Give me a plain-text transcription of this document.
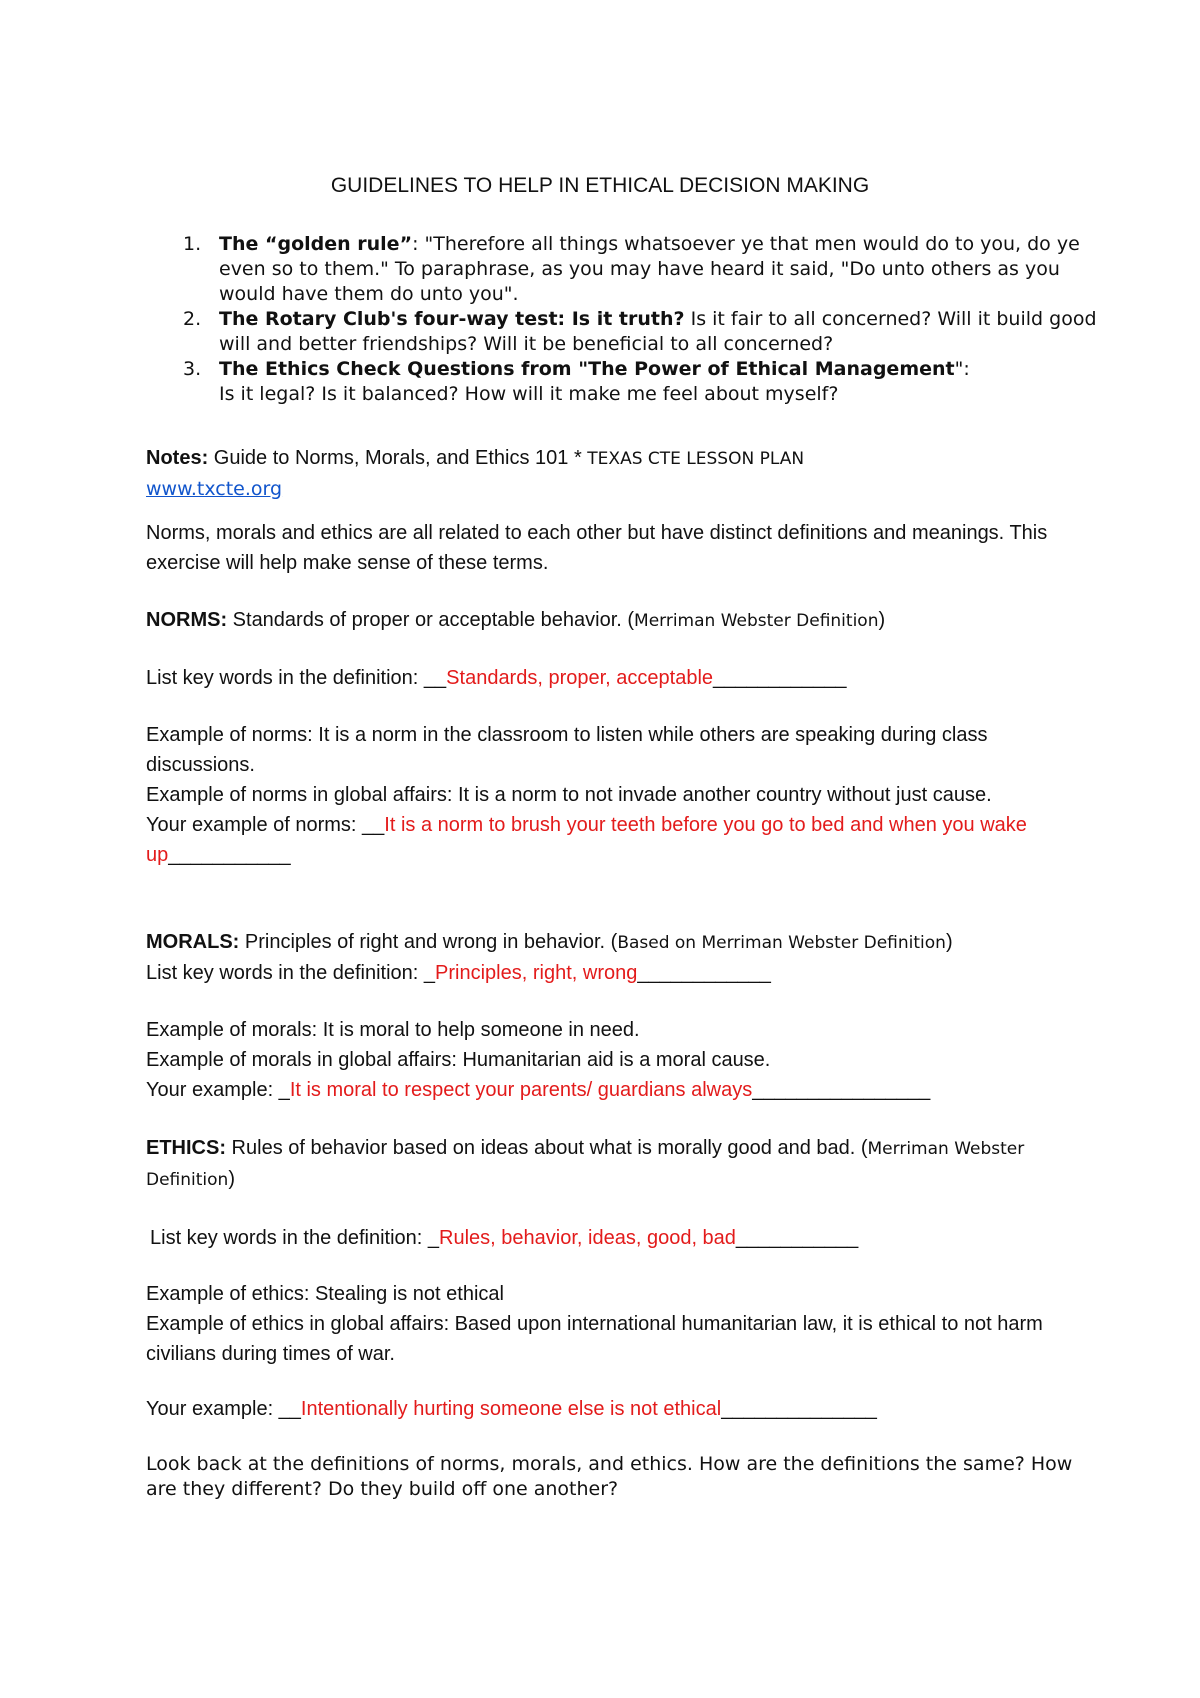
GUIDELINES TO HELP IN ETHICAL DECISION MAKING
1. The “golden rule”: "Therefore all things whatsoever ye that men would do to you, do ye even so to them." To paraphrase, as you may have heard it said, "Do unto others as you would have them do unto you".
2. The Rotary Club's four-way test: Is it truth? Is it fair to all concerned? Will it build good will and better friendships? Will it be beneficial to all concerned?
3. The Ethics Check Questions from "The Power of Ethical Management":
Is it legal? Is it balanced? How will it make me feel about myself?

Notes: Guide to Norms, Morals, and Ethics 101 * TEXAS CTE LESSON PLAN
www.txcte.org

Norms, morals and ethics are all related to each other but have distinct definitions and meanings. This exercise will help make sense of these terms.

NORMS: Standards of proper or acceptable behavior. (Merriman Webster Definition)

List key words in the definition: __Standards, proper, acceptable____________

Example of norms: It is a norm in the classroom to listen while others are speaking during class discussions.
Example of norms in global affairs: It is a norm to not invade another country without just cause.
Your example of norms: __It is a norm to brush your teeth before you go to bed and when you wake up___________

MORALS: Principles of right and wrong in behavior. (Based on Merriman Webster Definition)
List key words in the definition: _Principles, right, wrong____________

Example of morals: It is moral to help someone in need.
Example of morals in global affairs: Humanitarian aid is a moral cause.
Your example: _It is moral to respect your parents/ guardians always________________

ETHICS: Rules of behavior based on ideas about what is morally good and bad. (Merriman Webster Definition)

List key words in the definition: _Rules, behavior, ideas, good, bad___________

Example of ethics: Stealing is not ethical
Example of ethics in global affairs: Based upon international humanitarian law, it is ethical to not harm civilians during times of war.

Your example: __Intentionally hurting someone else is not ethical______________

Look back at the definitions of norms, morals, and ethics. How are the definitions the same? How are they different? Do they build off one another?
